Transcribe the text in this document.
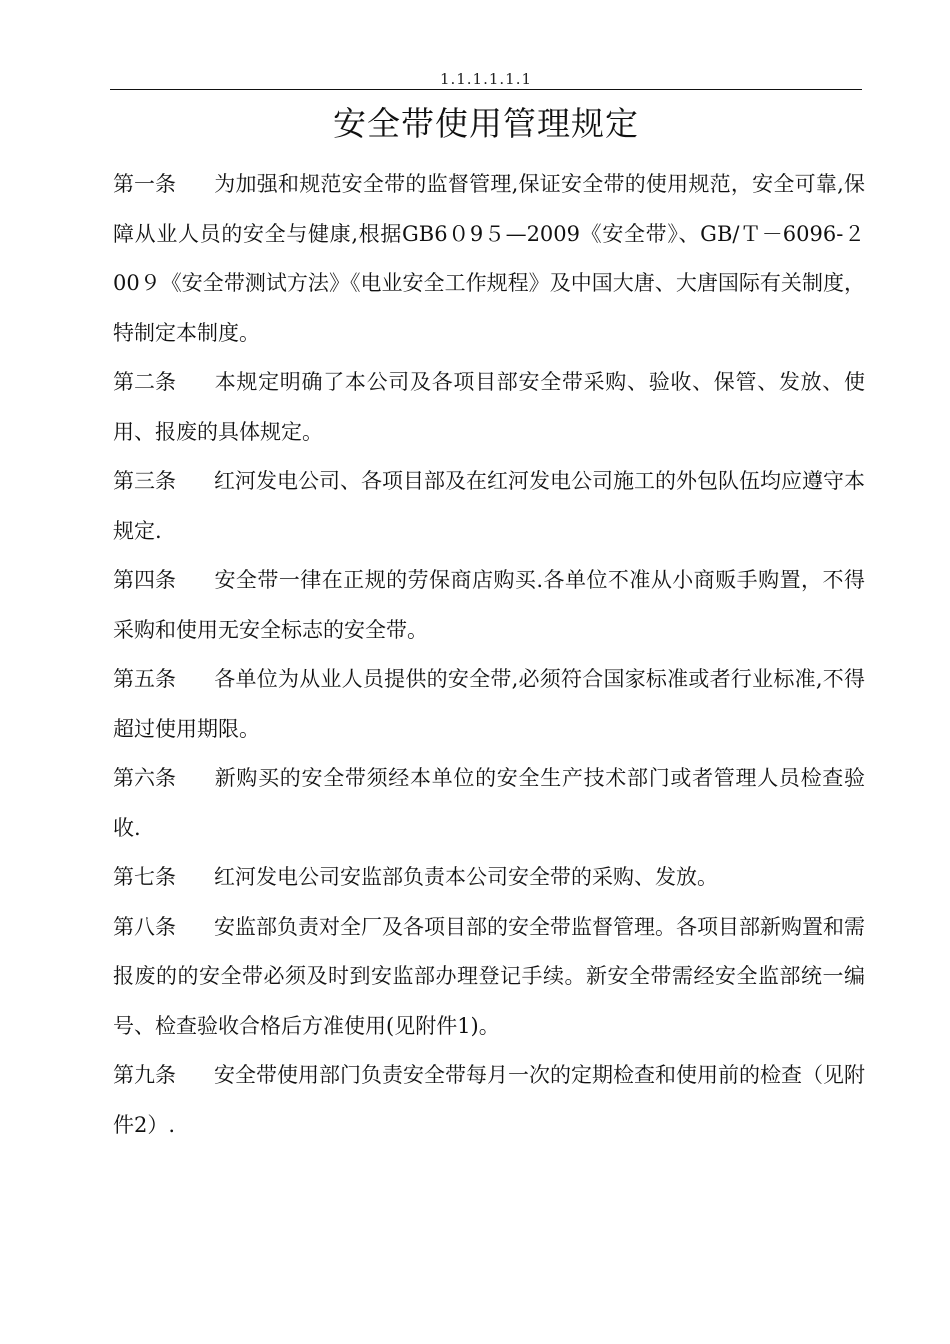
1.1.1.1.1.1
安全带使用管理规定

第一条 为加强和规范安全带的监督管理,保证安全带的使用规范，安全可靠,保障从业人员的安全与健康,根据GB6０9５—2009《安全带》、GB/Ｔ－6096-２00９《安全带测试方法》《电业安全工作规程》及中国大唐、大唐国际有关制度，特制定本制度。

第二条 本规定明确了本公司及各项目部安全带采购、验收、保管、发放、使用、报废的具体规定。

第三条 红河发电公司、各项目部及在红河发电公司施工的外包队伍均应遵守本规定.

第四条 安全带一律在正规的劳保商店购买.各单位不准从小商贩手购置，不得采购和使用无安全标志的安全带。

第五条 各单位为从业人员提供的安全带,必须符合国家标准或者行业标准,不得超过使用期限。

第六条 新购买的安全带须经本单位的安全生产技术部门或者管理人员检查验收.

第七条 红河发电公司安监部负责本公司安全带的采购、发放。

第八条 安监部负责对全厂及各项目部的安全带监督管理。各项目部新购置和需报废的的安全带必须及时到安监部办理登记手续。新安全带需经安全监部统一编号、检查验收合格后方准使用(见附件1)。

第九条 安全带使用部门负责安全带每月一次的定期检查和使用前的检查（见附件2）.
